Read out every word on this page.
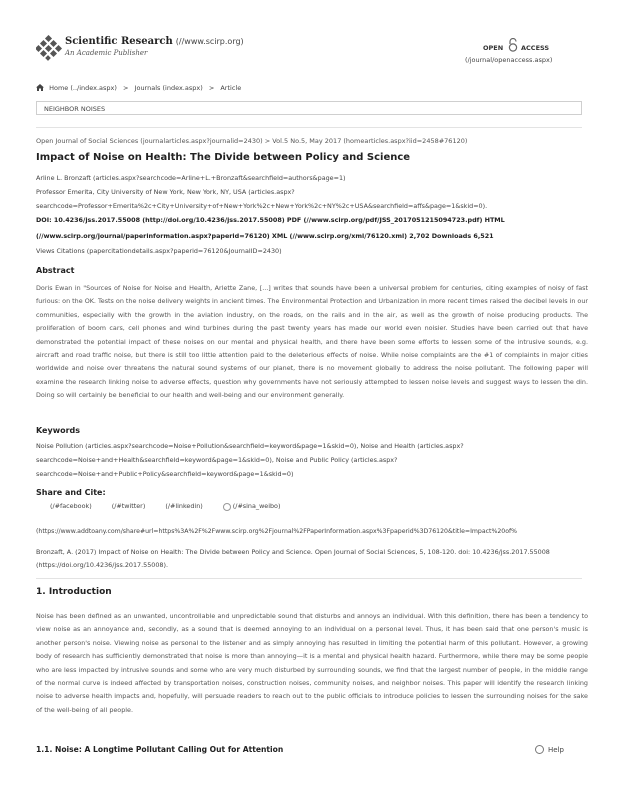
Scientific Research (//www.scirp.org)
An Academic Publisher
OPEN	ACCESS
(/journal/openaccess.aspx)
Home (../index.aspx) > Journals (index.aspx) > Article
NEIGHBOR NOISES
Open Journal of Social Sciences (journalarticles.aspx?journalid=2430) > Vol.5 No.5, May 2017 (homearticles.aspx?iid=2458#76120)
Impact of Noise on Health: The Divide between Policy and Science
Arline L. Bronzaft (articles.aspx?searchcode=Arline+L.+Bronzaft&searchfield=authors&page=1)
Professor Emerita, City University of New York, New York, NY, USA (articles.aspx?
searchcode=Professor+Emerita%2c+City+University+of+New+York%2c+New+York%2c+NY%2c+USA&searchfield=affs&page=1&skid=0).
DOI: 10.4236/jss.2017.55008 (http://doi.org/10.4236/jss.2017.55008) PDF (//www.scirp.org/pdf/JSS_2017051215094723.pdf) HTML
(//www.scirp.org/journal/paperinformation.aspx?paperid=76120) XML (//www.scirp.org/xml/76120.xml) 2,702 Downloads 6,521
Views Citations (papercitationdetails.aspx?paperid=76120&JournalID=2430)
Abstract
Doris Ewan in "Sources of Noise for Noise and Health, Arlette Zane, [...] writes that sounds have been a universal problem for centuries, citing examples of noisy of fast furious: on the OK. Tests on the noise delivery weights in ancient times. The Environmental Protection and Urbanization in more recent times raised the decibel levels in our communities, especially with the growth in the aviation industry, on the roads, on the rails and in the air, as well as the growth of noise producing products. The proliferation of boom cars, cell phones and wind turbines during the past twenty years has made our world even noisier. Studies have been carried out that have demonstrated the potential impact of these noises on our mental and physical health, and there have been some efforts to lessen some of the intrusive sounds, e.g. aircraft and road traffic noise, but there is still too little attention paid to the deleterious effects of noise. While noise complaints are the #1 of complaints in major cities worldwide and noise over threatens the natural sound systems of our planet, there is no movement globally to address the noise pollutant. The following paper will examine the research linking noise to adverse effects, question why governments have not seriously attempted to lessen noise levels and suggest ways to lessen the din. Doing so will certainly be beneficial to our health and well-being and our environment generally.
Keywords
Noise Pollution (articles.aspx?searchcode=Noise+Pollution&searchfield=keyword&page=1&skid=0), Noise and Health (articles.aspx?
searchcode=Noise+and+Health&searchfield=keyword&page=1&skid=0), Noise and Public Policy (articles.aspx?
searchcode=Noise+and+Public+Policy&searchfield=keyword&page=1&skid=0)
Share and Cite:
(/#facebook)	(/#twitter)	(/#linkedin)	(/#sina_weibo)
(https://www.addtoany.com/share#url=https%3A%2F%2Fwww.scirp.org%2Fjournal%2FPaperInformation.aspx%3Fpaperid%3D76120&title=Impact%20of%
Bronzaft, A. (2017) Impact of Noise on Health: The Divide between Policy and Science. Open Journal of Social Sciences, 5, 108-120. doi: 10.4236/jss.2017.55008 (https://doi.org/10.4236/jss.2017.55008).
1. Introduction
Noise has been defined as an unwanted, uncontrollable and unpredictable sound that disturbs and annoys an individual. With this definition, there has been a tendency to view noise as an annoyance and, secondly, as a sound that is deemed annoying to an individual on a personal level. Thus, it has been said that one person's music is another person's noise. Viewing noise as personal to the listener and as simply annoying has resulted in limiting the potential harm of this pollutant. However, a growing body of research has sufficiently demonstrated that noise is more than annoying—it is a mental and physical health hazard. Furthermore, while there may be some people who are less impacted by intrusive sounds and some who are very much disturbed by surrounding sounds, we find that the largest number of people, in the middle range of the normal curve is indeed affected by transportation noises, construction noises, community noises, and neighbor noises. This paper will identify the research linking noise to adverse health impacts and, hopefully, will persuade readers to reach out to the public officials to introduce policies to lessen the surrounding noises for the sake of the well-being of all people.
1.1. Noise: A Longtime Pollutant Calling Out for Attention	Help
